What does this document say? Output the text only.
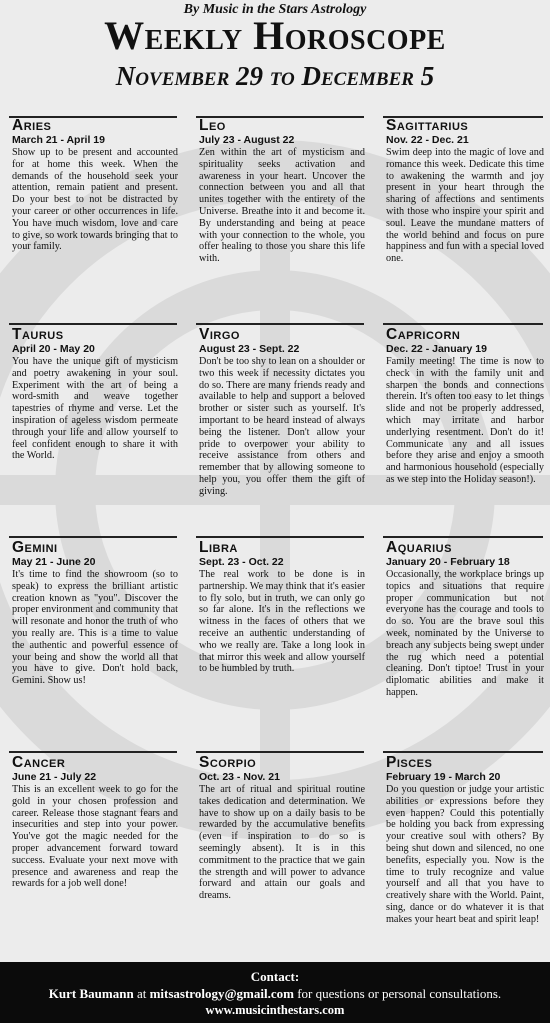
By Music in the Stars Astrology
Weekly Horoscope
November 29 to December 5
Aries
March 21 - April 19

Show up to be present and accounted for at home this week. When the demands of the household seek your attention, remain patient and present. Do your best to not be distracted by your career or other occurrences in life. You have much wisdom, love and care to give, so work towards bringing that to your family.

Leo
July 23 - August 22

Zen within the art of mysticism and spirituality seeks activation and awareness in your heart. Uncover the connection between you and all that unites together with the entirety of the Universe. Breathe into it and become it. By understanding and being at peace with your connection to the whole, you offer healing to those you share this life with.

Sagittarius
Nov. 22 - Dec. 21

Swim deep into the magic of love and romance this week. Dedicate this time to awakening the warmth and joy present in your heart through the sharing of affections and sentiments with those who inspire your spirit and soul. Leave the mundane matters of the world behind and focus on pure happiness and fun with a special loved one.

Taurus
April 20 - May 20

You have the unique gift of mysticism and poetry awakening in your soul. Experiment with the art of being a word-smith and weave together tapestries of rhyme and verse. Let the inspiration of ageless wisdom permeate through your life and allow yourself to feel confident enough to share it with the World.

Virgo
August 23 - Sept. 22

Don't be too shy to lean on a shoulder or two this week if necessity dictates you do so. There are many friends ready and available to help and support a beloved brother or sister such as yourself. It's important to be heard instead of always being the listener. Don't allow your pride to overpower your ability to receive assistance from others and remember that by allowing someone to help you, you offer them the gift of giving.

Capricorn
Dec. 22 - January 19

Family meeting! The time is now to check in with the family unit and sharpen the bonds and connections therein. It's often too easy to let things slide and not be properly addressed, which may irritate and harbor underlying resentment. Don't do it! Communicate any and all issues before they arise and enjoy a smooth and harmonious household (especially as we step into the Holiday season!).

Gemini
May 21 - June 20

It's time to find the showroom (so to speak) to express the brilliant artistic creation known as "you". Discover the proper environment and community that will resonate and honor the truth of who you really are. This is a time to value the authentic and powerful essence of your being and show the world all that you have to give. Don't hold back, Gemini. Show us!

Libra
Sept. 23 - Oct. 22

The real work to be done is in partnership. We may think that it's easier to fly solo, but in truth, we can only go so far alone. It's in the reflections we witness in the faces of others that we receive an authentic understanding of who we really are. Take a long look in that mirror this week and allow yourself to be humbled by truth.

Aquarius
January 20 - February 18

Occasionally, the workplace brings up topics and situations that require proper communication but not everyone has the courage and tools to do so. You are the brave soul this week, nominated by the Universe to breach any subjects being swept under the rug which need a potential cleaning. Don't tiptoe! Trust in your diplomatic abilities and make it happen.

Cancer
June 21 - July 22

This is an excellent week to go for the gold in your chosen profession and career. Release those stagnant fears and insecurities and step into your power. You've got the magic needed for the proper advancement forward toward success. Evaluate your next move with presence and awareness and reap the rewards for a job well done!

Scorpio
Oct. 23 - Nov. 21

The art of ritual and spiritual routine takes dedication and determination. We have to show up on a daily basis to be rewarded by the accumulative benefits (even if inspiration to do so is seemingly absent). It is in this commitment to the practice that we gain the strength and will power to advance forward and attain our goals and dreams.

Pisces
February 19 - March 20

Do you question or judge your artistic abilities or expressions before they even happen? Could this potentially be holding you back from expressing your creative soul with others? By being shut down and silenced, no one benefits, especially you. Now is the time to truly recognize and value yourself and all that you have to creatively share with the World. Paint, sing, dance or do whatever it is that makes your heart beat and spirit leap!

Contact:
Kurt Baumann at mitsastrology@gmail.com for questions or personal consultations.
www.musicinthestars.com
